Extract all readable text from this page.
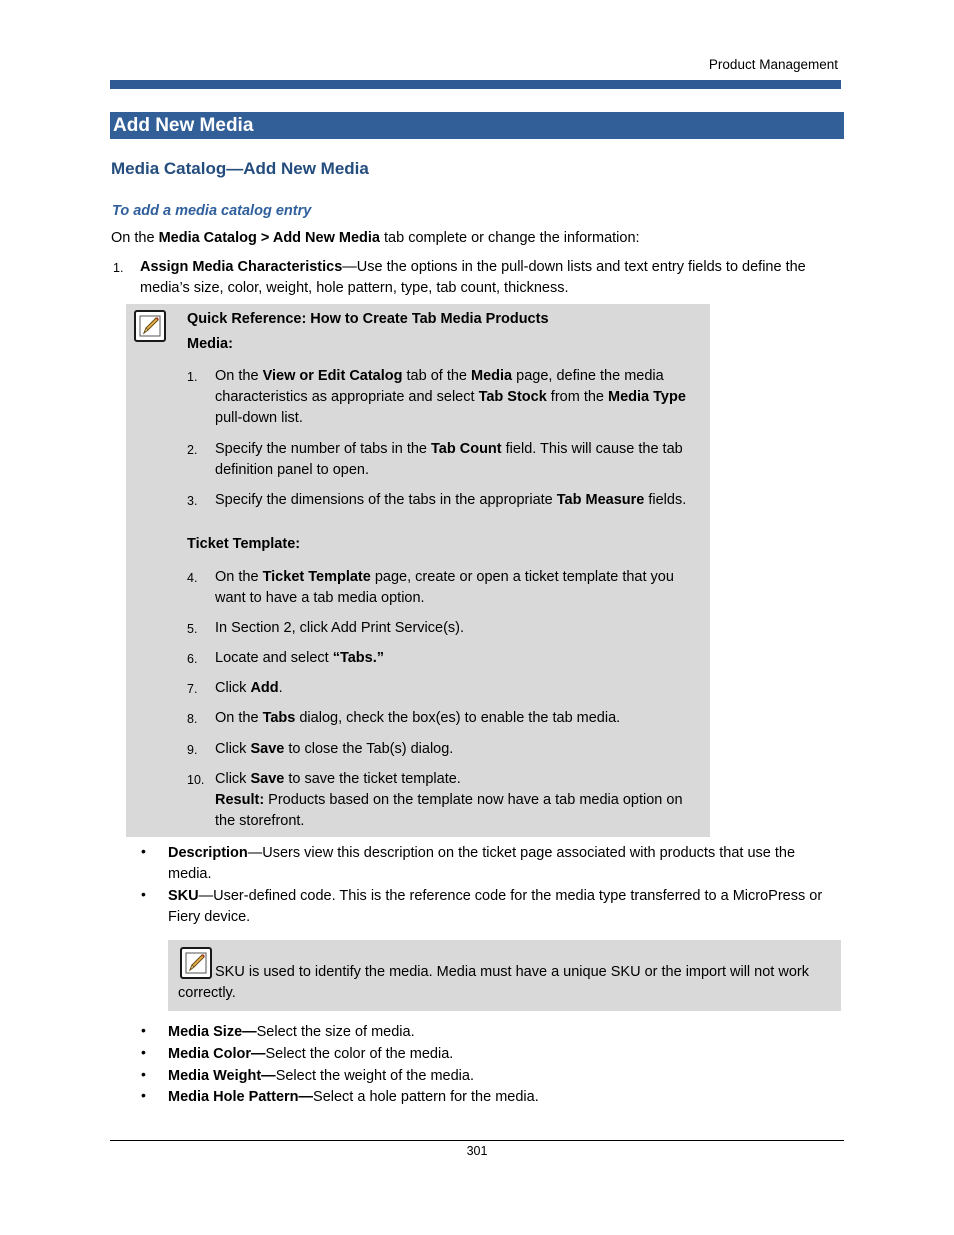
Product Management
Add New Media
Media Catalog—Add New Media
To add a media catalog entry
On the Media Catalog > Add New Media tab complete or change the information:
1. Assign Media Characteristics—Use the options in the pull-down lists and text entry fields to define the media’s size, color, weight, hole pattern, type, tab count, thickness.
Quick Reference: How to Create Tab Media Products
Media:
1. On the View or Edit Catalog tab of the Media page, define the media characteristics as appropriate and select Tab Stock from the Media Type pull-down list.
2. Specify the number of tabs in the Tab Count field. This will cause the tab definition panel to open.
3. Specify the dimensions of the tabs in the appropriate Tab Measure fields.
Ticket Template:
4. On the Ticket Template page, create or open a ticket template that you want to have a tab media option.
5. In Section 2, click Add Print Service(s).
6. Locate and select “Tabs.”
7. Click Add.
8. On the Tabs dialog, check the box(es) to enable the tab media.
9. Click Save to close the Tab(s) dialog.
10. Click Save to save the ticket template.
Result: Products based on the template now have a tab media option on the storefront.
• Description—Users view this description on the ticket page associated with products that use the media.
• SKU—User-defined code. This is the reference code for the media type transferred to a MicroPress or Fiery device.
SKU is used to identify the media. Media must have a unique SKU or the import will not work correctly.
• Media Size—Select the size of media.
• Media Color—Select the color of the media.
• Media Weight—Select the weight of the media.
• Media Hole Pattern—Select a hole pattern for the media.
301
